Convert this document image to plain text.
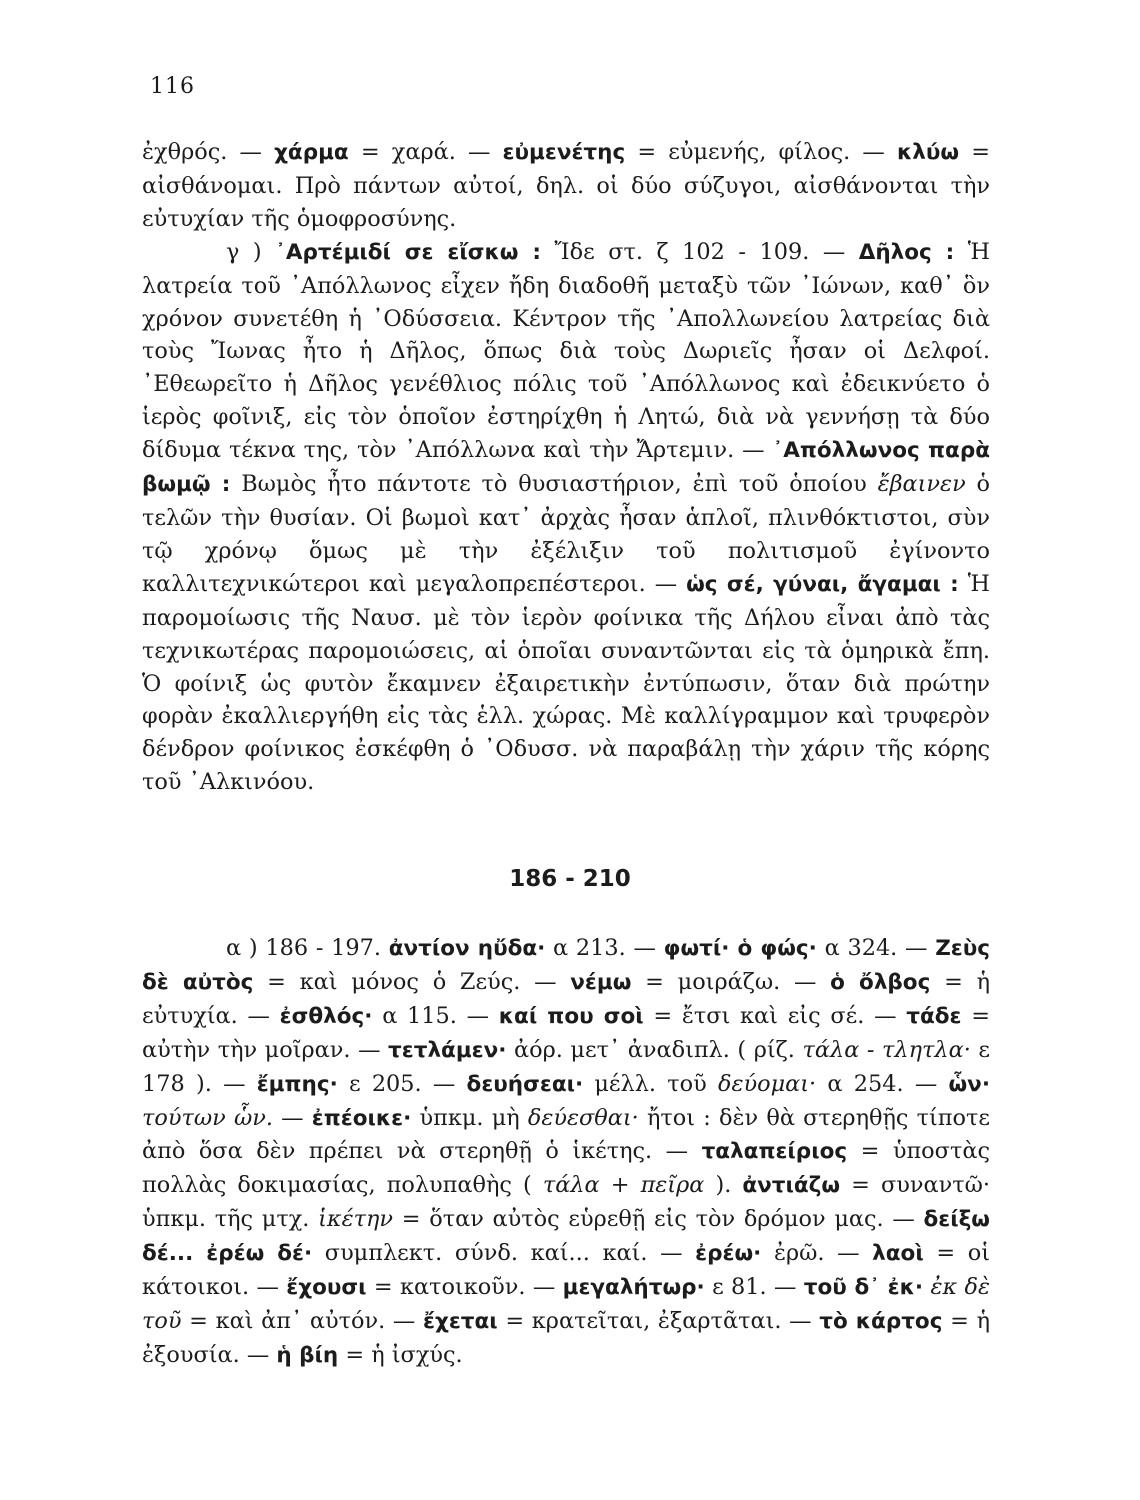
116

ἐχθρός. — χάρμα = χαρά. — εὐμενέτης = εὐμενής, φίλος. — κλύω = αἰσθάνομαι. Πρὸ πάντων αὐτοί, δηλ. οἱ δύο σύζυγοι, αἰσθάνονται τὴν εὐτυχίαν τῆς ὁμοφροσύνης.

γ ) ᾿Αρτέμιδί σε εἴσκω : Ἴδε στ. ζ 102 - 109. — Δῆλος : Ἡ λατρεία τοῦ ᾿Απόλλωνος εἶχεν ἤδη διαδοθῆ μεταξὺ τῶν ᾿Ιώνων, καθ᾿ ὃν χρόνον συνετέθη ἡ ᾿Οδύσσεια. Κέντρον τῆς ᾿Απολλωνείου λατρείας διὰ τοὺς Ἴωνας ἦτο ἡ Δῆλος, ὅπως διὰ τοὺς Δωριεῖς ἦσαν οἱ Δελφοί. ᾿Εθεωρεῖτο ἡ Δῆλος γενέθλιος πόλις τοῦ ᾿Απόλλωνος καὶ ἐδεικνύετο ὁ ἱερὸς φοῖνιξ, εἰς τὸν ὁποῖον ἐστηρίχθη ἡ Λητώ, διὰ νὰ γεννήσῃ τὰ δύο δίδυμα τέκνα της, τὸν ᾿Απόλλωνα καὶ τὴν Ἄρτεμιν. — ᾿Απόλλωνος παρὰ βωμῷ : Βωμὸς ἦτο πάντοτε τὸ θυσιαστήριον, ἐπὶ τοῦ ὁποίου ἔβαινεν ὁ τελῶν τὴν θυσίαν. Οἱ βωμοὶ κατ᾿ ἀρχὰς ἦσαν ἁπλοῖ, πλινθόκτιστοι, σὺν τῷ χρόνῳ ὅμως μὲ τὴν ἐξέλιξιν τοῦ πολιτισμοῦ ἐγίνοντο καλλιτεχνικώτεροι καὶ μεγαλοπρεπέστεροι. — ὡς σέ, γύναι, ἄγαμαι : Ἡ παρομοίωσις τῆς Ναυσ. μὲ τὸν ἱερὸν φοίνικα τῆς Δήλου εἶναι ἀπὸ τὰς τεχνικωτέρας παρομοιώσεις, αἱ ὁποῖαι συναντῶνται εἰς τὰ ὁμηρικὰ ἔπη. Ὁ φοίνιξ ὡς φυτὸν ἔκαμνεν ἐξαιρετικὴν ἐντύπωσιν, ὅταν διὰ πρώτην φορὰν ἐκαλλιεργήθη εἰς τὰς ἑλλ. χώρας. Μὲ καλλίγραμμον καὶ τρυφερὸν δένδρον φοίνικος ἐσκέφθη ὁ ᾿Οδυσσ. νὰ παραβάλῃ τὴν χάριν τῆς κόρης τοῦ ᾿Αλκινόου.

186 - 210

α ) 186 - 197. ἀντίον ηὔδα· α 213. — φωτί· ὁ φώς· α 324. — Ζεὺς δὲ αὐτὸς = καὶ μόνος ὁ Ζεύς. — νέμω = μοιράζω. — ὁ ὄλβος = ἡ εὐτυχία. — ἐσθλός· α 115. — καί που σοὶ = ἔτσι καὶ εἰς σέ. — τάδε = αὐτὴν τὴν μοῖραν. — τετλάμεν· ἀόρ. μετ᾿ ἀναδιπλ. ( ρίζ. τάλα - τλητλα· ε 178 ). — ἔμπης· ε 205. — δευήσεαι· μέλλ. τοῦ δεύομαι· α 254. — ὧν· τούτων ὧν. — ἐπέοικε· ὑπκμ. μὴ δεύεσθαι· ἤτοι : δὲν θὰ στερηθῇς τίποτε ἀπὸ ὅσα δὲν πρέπει νὰ στερηθῇ ὁ ἱκέτης. — ταλαπείριος = ὑποστὰς πολλὰς δοκιμασίας, πολυπαθὴς ( τάλα + πεῖρα ). ἀντιάζω = συναντῶ· ὑπκμ. τῆς μτχ. ἱκέτην = ὅταν αὐτὸς εὑρεθῇ εἰς τὸν δρόμον μας. — δείξω δέ... ἐρέω δέ· συμπλεκτ. σύνδ. καί... καί. — ἐρέω· ἐρῶ. — λαοὶ = οἱ κάτοικοι. — ἔχουσι = κατοικοῦν. — μεγαλήτωρ· ε 81. — τοῦ δ᾿ ἐκ· ἐκ δὲ τοῦ = καὶ ἀπ᾿ αὐτόν. — ἔχεται = κρατεῖται, ἐξαρτᾶται. — τὸ κάρτος = ἡ ἐξουσία. — ἡ βίη = ἡ ἰσχύς.
